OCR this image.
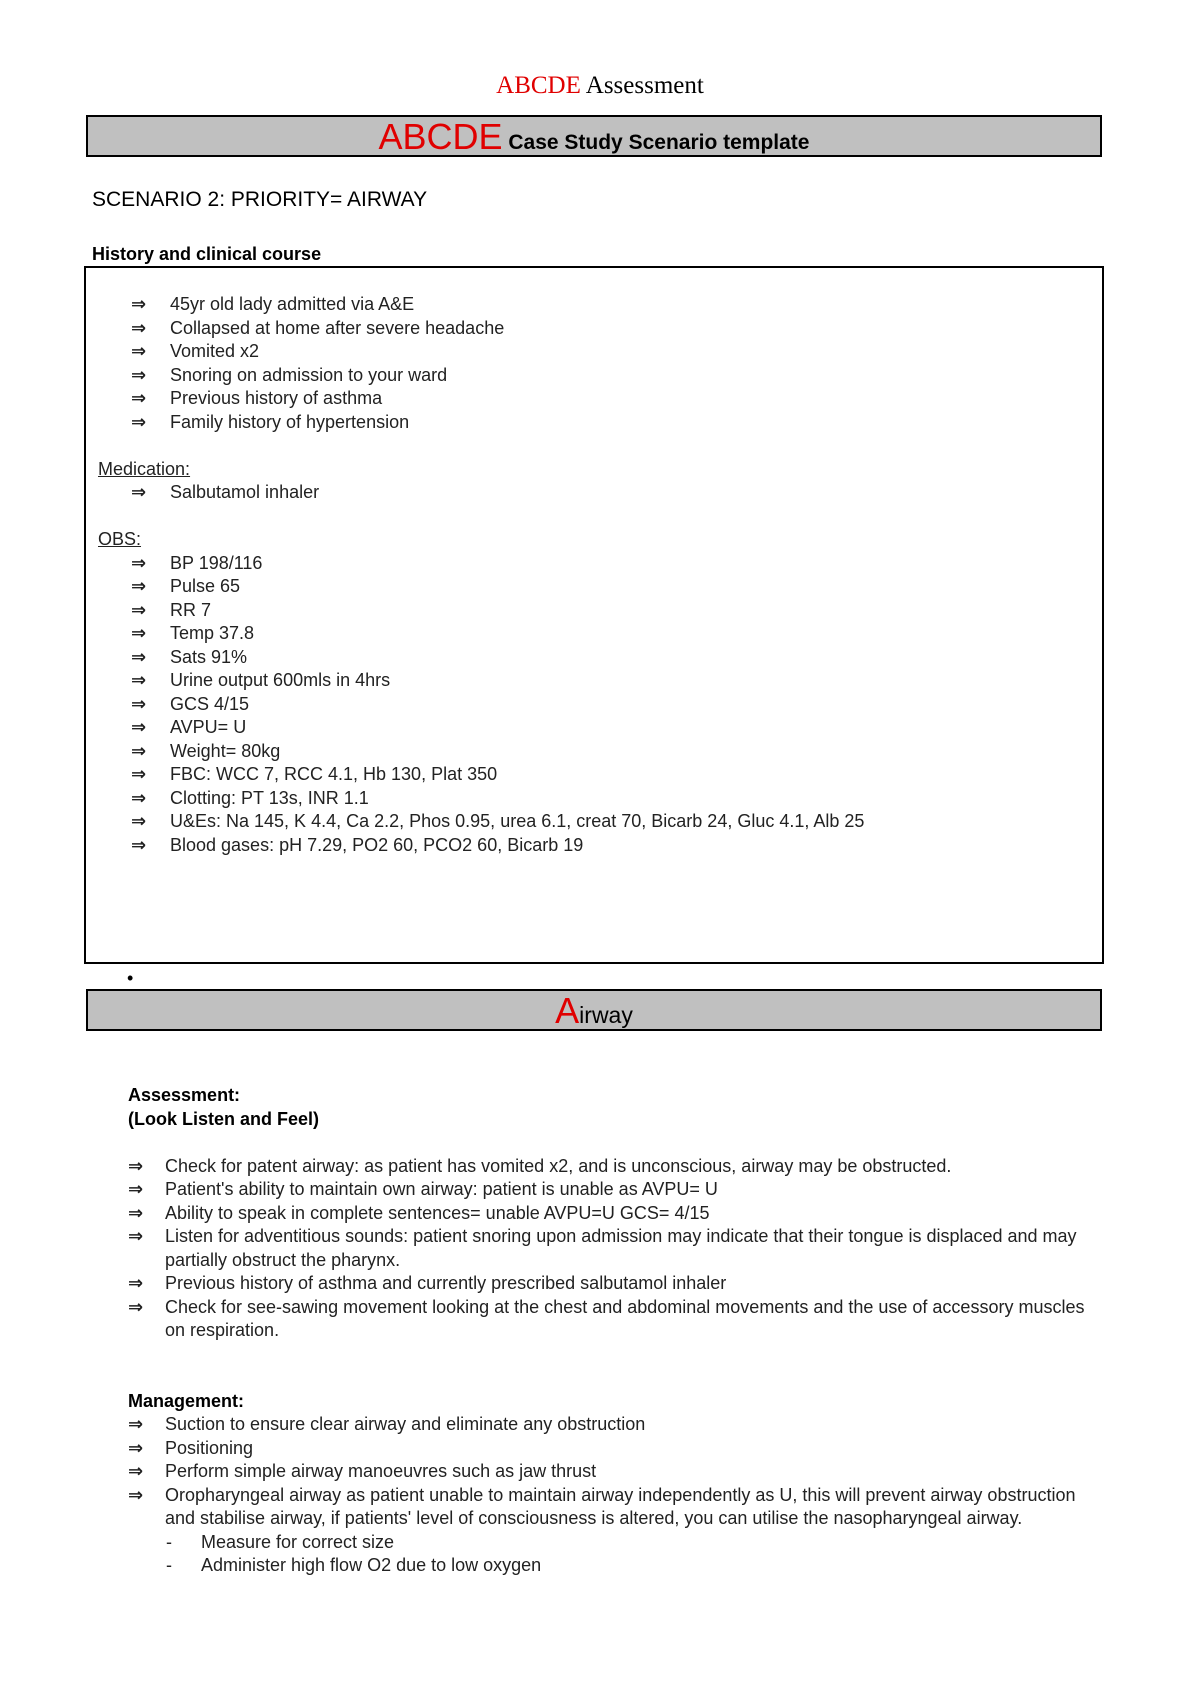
ABCDE Assessment
ABCDE Case Study Scenario template
SCENARIO 2: PRIORITY= AIRWAY
History and clinical course
⇒ 45yr old lady admitted via A&E
⇒ Collapsed at home after severe headache
⇒ Vomited x2
⇒ Snoring on admission to your ward
⇒ Previous history of asthma
⇒ Family history of hypertension
Medication:
⇒ Salbutamol inhaler
OBS:
⇒ BP 198/116
⇒ Pulse 65
⇒ RR 7
⇒ Temp 37.8
⇒ Sats 91%
⇒ Urine output 600mls in 4hrs
⇒ GCS 4/15
⇒ AVPU= U
⇒ Weight= 80kg
⇒ FBC: WCC 7, RCC 4.1, Hb 130, Plat 350
⇒ Clotting: PT 13s, INR 1.1
⇒ U&Es: Na 145, K 4.4, Ca 2.2, Phos 0.95, urea 6.1, creat 70, Bicarb 24, Gluc 4.1, Alb 25
⇒ Blood gases: pH 7.29, PO2 60, PCO2 60, Bicarb 19
•
Airway
Assessment:
(Look Listen and Feel)
⇒ Check for patent airway: as patient has vomited x2, and is unconscious, airway may be obstructed.
⇒ Patient's ability to maintain own airway: patient is unable as AVPU= U
⇒ Ability to speak in complete sentences= unable AVPU=U GCS= 4/15
⇒ Listen for adventitious sounds: patient snoring upon admission may indicate that their tongue is displaced and may partially obstruct the pharynx.
⇒ Previous history of asthma and currently prescribed salbutamol inhaler
⇒ Check for see-sawing movement looking at the chest and abdominal movements and the use of accessory muscles on respiration.
Management:
⇒ Suction to ensure clear airway and eliminate any obstruction
⇒ Positioning
⇒ Perform simple airway manoeuvres such as jaw thrust
⇒ Oropharyngeal airway as patient unable to maintain airway independently as U, this will prevent airway obstruction and stabilise airway, if patients' level of consciousness is altered, you can utilise the nasopharyngeal airway.
- Measure for correct size
- Administer high flow O2 due to low oxygen
